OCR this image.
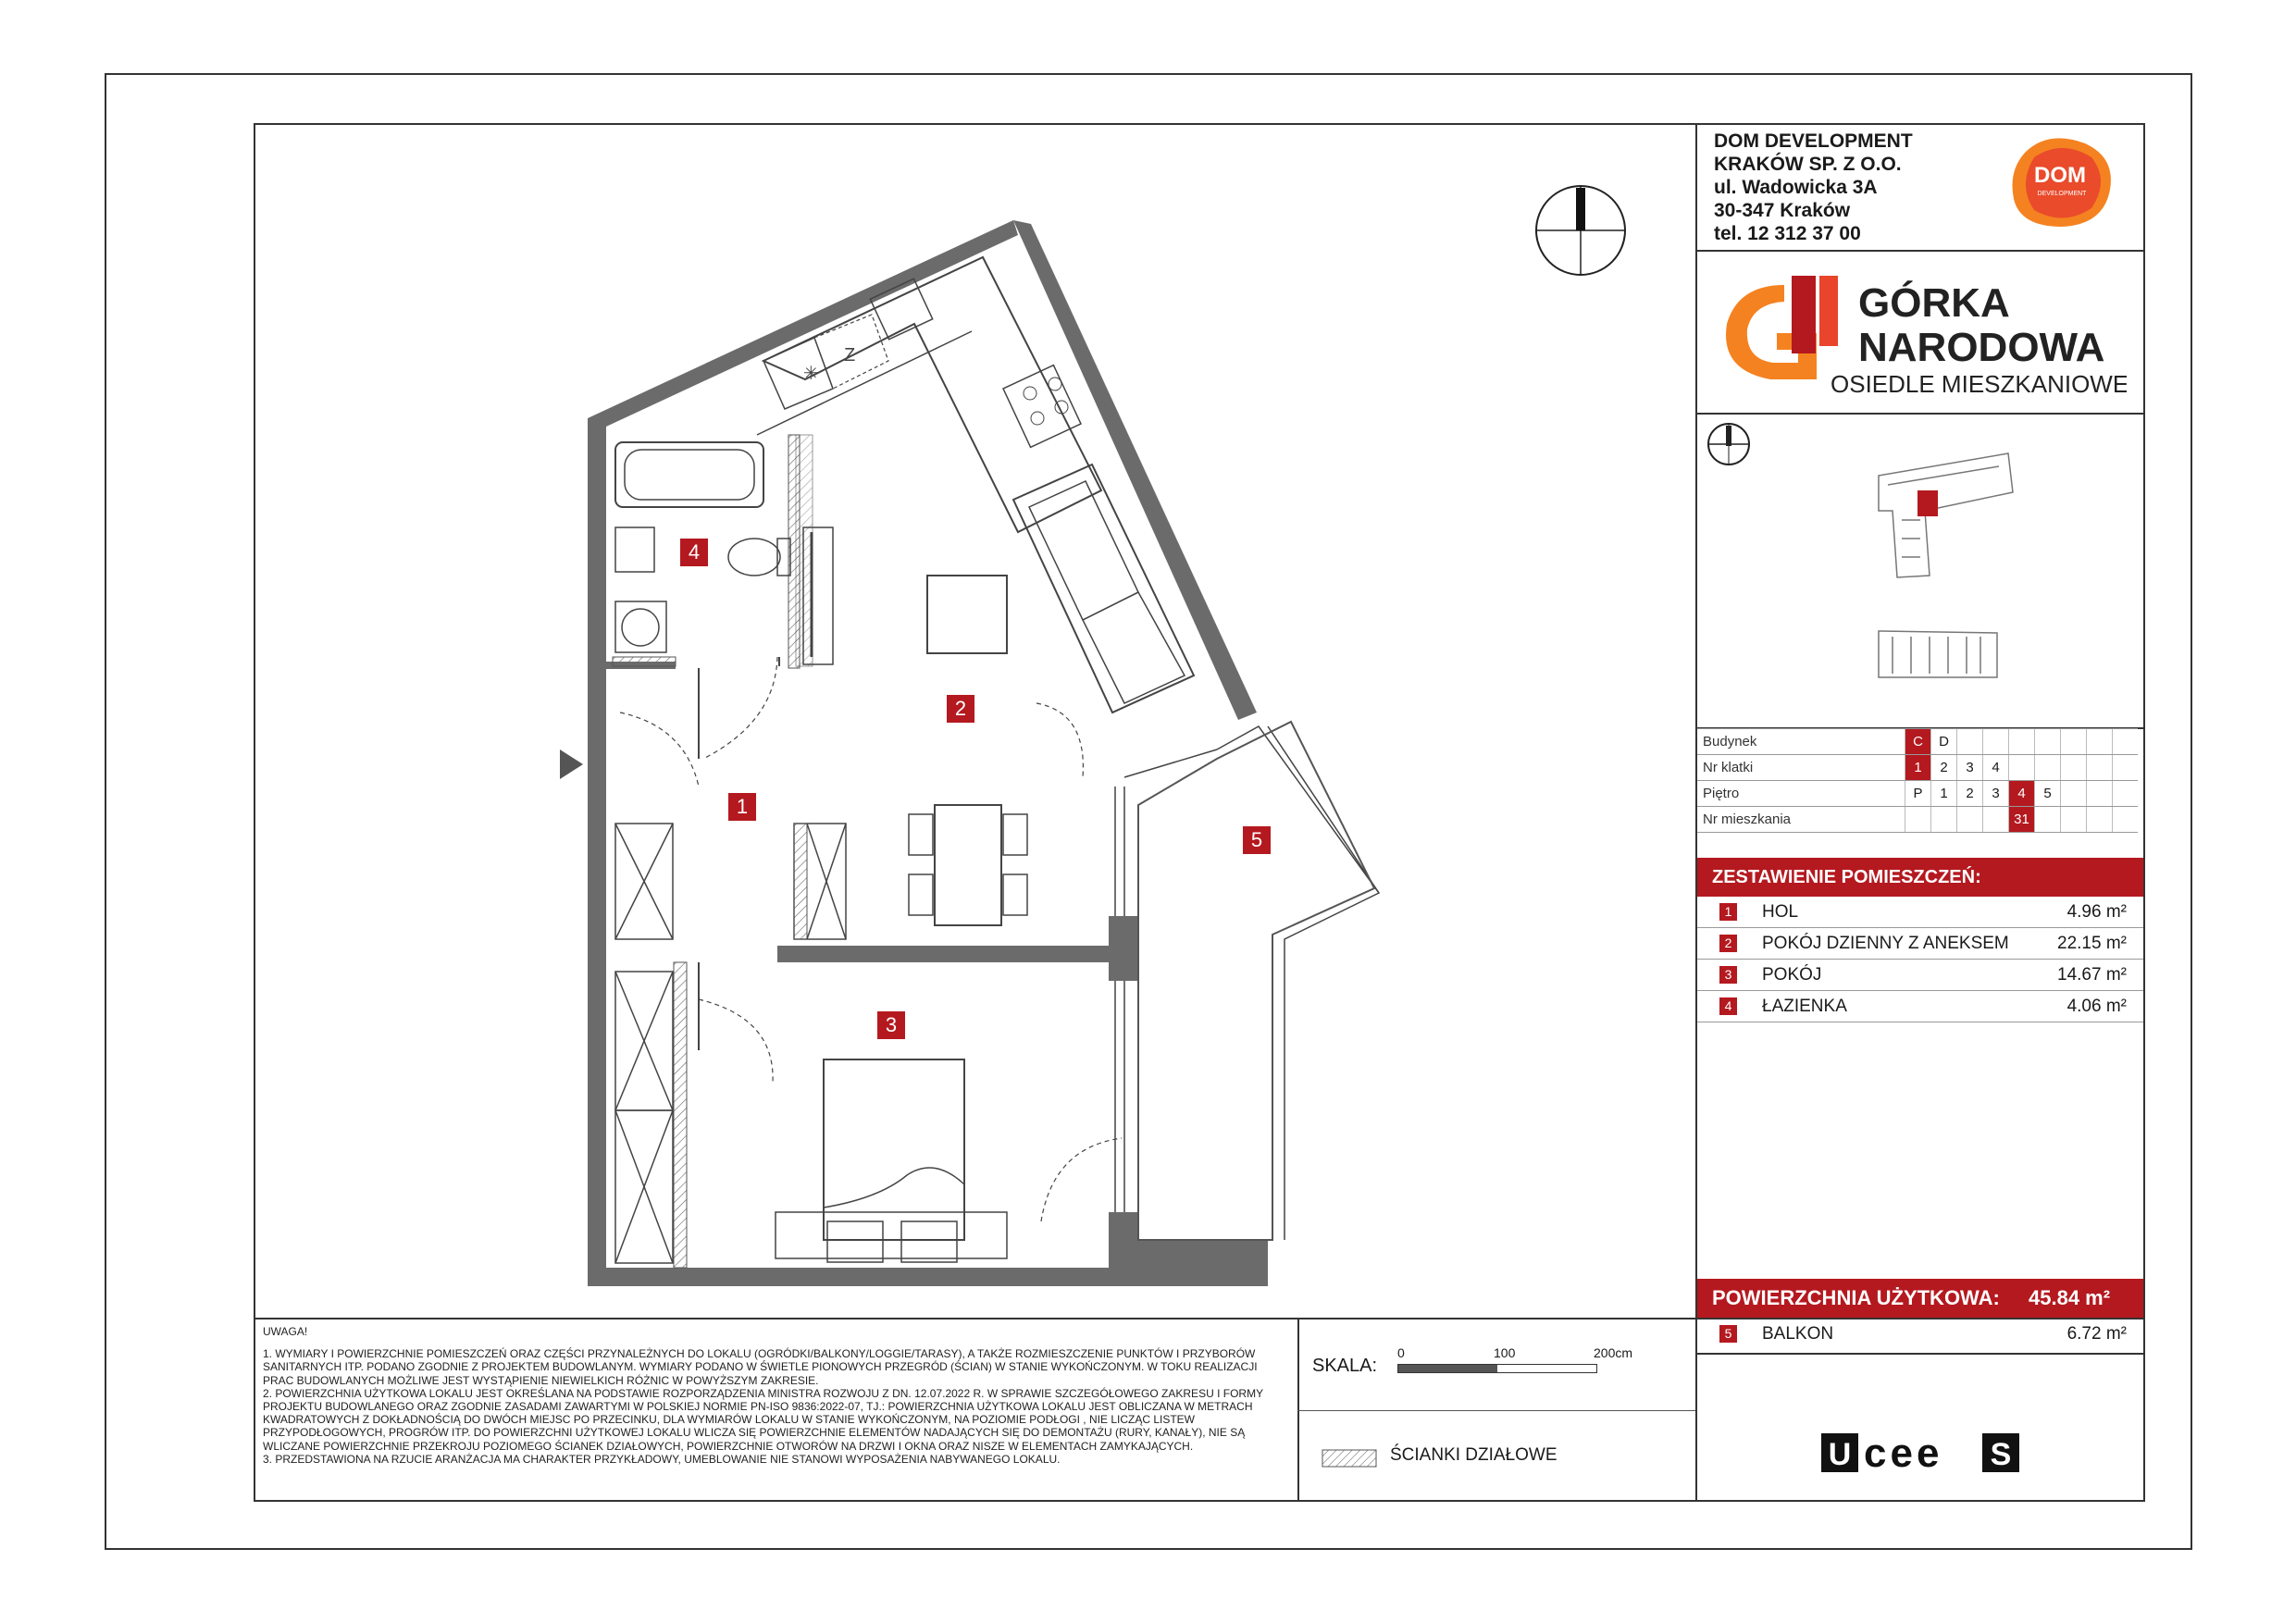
DOM DEVELOPMENT
KRAKÓW SP. Z O.O.
ul. Wadowicka 3A
30-347 Kraków
tel. 12 312 37 00
DOM
DEVELOPMENT
GÓRKA
NARODOWA
OSIEDLE MIESZKANIOWE
Budynek	C	D							
Nr klatki	1	2	3	4					
Piętro	P	1	2	3	4	5			
Nr mieszkania					31				
ZESTAWIENIE POMIESZCZEŃ:
1 HOL	4.96 m²
2 POKÓJ DZIENNY Z ANEKSEM	22.15 m²
3 POKÓJ	14.67 m²
4 ŁAZIENKA	4.06 m²
POWIERZCHNIA UŻYTKOWA: 45.84 m²
5 BALKON	6.72 m²
UWAGA!
1. WYMIARY I POWIERZCHNIE POMIESZCZEŃ ORAZ CZĘŚCI PRZYNALEŻNYCH DO LOKALU (OGRÓDKI/BALKONY/LOGGIE/TARASY), A TAKŻE ROZMIESZCZENIE PUNKTÓW I PRZYBORÓW SANITARNYCH ITP. PODANO ZGODNIE Z PROJEKTEM BUDOWLANYM. WYMIARY PODANO W ŚWIETLE PIONOWYCH PRZEGRÓD (ŚCIAN) W STANIE WYKOŃCZONYM. W TOKU REALIZACJI PRAC BUDOWLANYCH MOŻLIWE JEST WYSTĄPIENIE NIEWIELKICH RÓŻNIC W POWYŻSZYM ZAKRESIE.
2. POWIERZCHNIA UŻYTKOWA LOKALU JEST OKREŚLANA NA PODSTAWIE ROZPORZĄDZENIA MINISTRA ROZWOJU Z DN. 12.07.2022 R. W SPRAWIE SZCZEGÓŁOWEGO ZAKRESU I FORMY PROJEKTU BUDOWLANEGO ORAZ ZGODNIE ZASADAMI ZAWARTYMI W POLSKIEJ NORMIE PN-ISO 9836:2022-07, TJ.: POWIERZCHNIA UŻYTKOWA LOKALU JEST OBLICZANA W METRACH KWADRATOWYCH Z DOKŁADNOŚCIĄ DO DWÓCH MIEJSC PO PRZECINKU, DLA WYMIARÓW LOKALU W STANIE WYKOŃCZONYM, NA POZIOMIE PODŁOGI , NIE LICZĄC LISTEW PRZYPODŁOGOWYCH, PROGRÓW ITP. DO POWIERZCHNI UŻYTKOWEJ LOKALU WLICZA SIĘ POWIERZCHNIE ELEMENTÓW NADAJĄCYCH SIĘ DO DEMONTAŻU (RURY, KANAŁY), NIE SĄ WLICZANE POWIERZCHNIE PRZEKROJU POZIOMEGO ŚCIANEK DZIAŁOWYCH, POWIERZCHNIE OTWORÓW NA DRZWI I OKNA ORAZ NISZE W ELEMENTACH ZAMYKAJĄCYCH.
3. PRZEDSTAWIONA NA RZUCIE ARANŻACJA MA CHARAKTER PRZYKŁADOWY, UMEBLOWANIE NIE STANOWI WYPOSAŻENIA NABYWANEGO LOKALU.
SKALA:
0	100	200cm
ŚCIANKI DZIAŁOWE	U cee S
✳
Z
1
2
3
4
5
